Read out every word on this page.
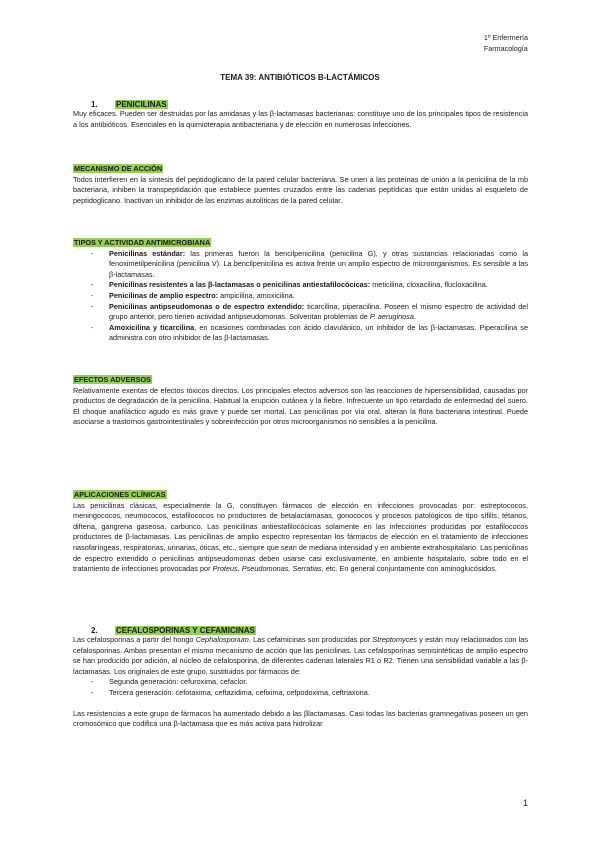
1º Enfermería
Farmacología
TEMA 39: ANTIBIÓTICOS Β-LACTÁMICOS
1. PENICILINAS

Muy eficaces. Pueden ser destruidas por las amidasas y las β-lactamasas bacterianas: constituye uno de los principales tipos de resistencia a los antibióticos. Esenciales en la quimioterapia antibacteriana y de elección en numerosas infecciones.

MECANISMO DE ACCIÓN

Todos interfieren en la síntesis del peptidoglicano de la pared celular bacteriana. Se unen a las proteínas de unión a la penicilina de la mb bacteriana, inhiben la transpeptidación que establece puentes cruzados entre las cadenas peptídicas que están unidas al esqueleto de peptidoglicano. Inactivan un inhibidor de las enzimas autolíticas de la pared celular.

TIPOS Y ACTIVIDAD ANTIMICROBIANA
- Penicilinas estándar: las primeras fueron la bencilpenicilina (penicilina G), y otras sustancias relacionadas como la fenoximetilpenicilina (penicilina V). La bencilpenicilina es activa frente un amplio espectro de microorganismos. Es sensible a las β-lactamasas.
- Penicilinas resistentes a las β-lactamasas o penicilinas antiestafilocócicas: meticilina, cloxacilina, flucloxacilina.
- Penicilinas de amplio espectro: ampicilina, amoxicilina.
- Penicilinas antipseudomonas o de espectro extendido: ticarcilina, piperacilina. Poseen el mismo espectro de actividad del grupo anterior, pero tienen actividad antipseudomonas. Solventan problemas de P. aeruginosa.
- Amoxicilina y ticarcilina, en ocasiones combinadas con ácido clavulánico, un inhibidor de las β-lactamasas. Piperacilina se administra con otro inhibidor de las β-lactamasas.
EFECTOS ADVERSOS

Relativamente exentas de efectos tóxicos directos. Los principales efectos adversos son las reacciones de hipersensibilidad, causadas por productos de degradación de la penicilina. Habitual la erupción cutánea y la fiebre. Infrecuente un tipo retardado de enfermedad del suero. El choque anafiláctico agudo es más grave y puede ser mortal. Las penicilinas por vía oral. alteran la flora bacteriana intestinal. Puede asociarse a trastornos gastrointestinales y sobreinfección por otros microorganismos no sensibles a la penicilina.

APLICACIONES CLÍNICAS

Las penicilinas clásicas, especialmente la G, constituyen fármacos de elección en infecciones provocadas por: estreptococos, meningococos, neumococos, estafilococos no productores de betalactamasas, gonococos y procesos patológicos de tipo sífilis, tétanos, difteria, gangrena gaseosa, carbunco. Las penicilinas antiestafilocócicas solamente en las infecciones producidas por estafilococos productores de β-lactamasas. Las penicilinas de amplio espectro representan los fármacos de elección en el tratamiento de infecciones nasofaríngeas, respiratorias, urinarias, óticas, etc., siempre que sean de mediana intensidad y en ambiente extrahospitalario. Las penicilinas de espectro extendido o penicilinas antipseudomonas deben usarse casi exclusivamente, en ambiente hospitalario, sobre todo en el tratamiento de infecciones provocadas por Proteus, Pseudomonas, Serratias, etc. En general conjuntamente con aminoglucósidos.

2. CEFALOSPORINAS Y CEFAMICINAS

Las cefalosporinas a partir del hongo Cephalosporium. Las cefamicinas son producidas por Streptomyces y están muy relacionados con las cefalosporinas. Ambas presentan el mismo mecanismo de acción que las penicilinas. Las cefalosporinas semisintéticas de amplio espectro se han producido por adición, al núcleo de cefalosporina, de diferentes cadenas laterales R1 o R2. Tienen una sensibilidad variable a las β-lactamasas. Los originales de este grupo, sustituidos por fármacos de:

- Segunda generación: cefuroxima, cefaclor.
- Tercera generación: cefotaxima, ceftazidima, cefixima, cefpodoxima, ceftriaxona.

Las resistencias a este grupo de fármacos ha aumentado debido a las βlactamasas. Casi todas las bacterias gramnegativas poseen un gen cromosómico que codifica una β-lactamasa que es más activa para hidrolizar

1
